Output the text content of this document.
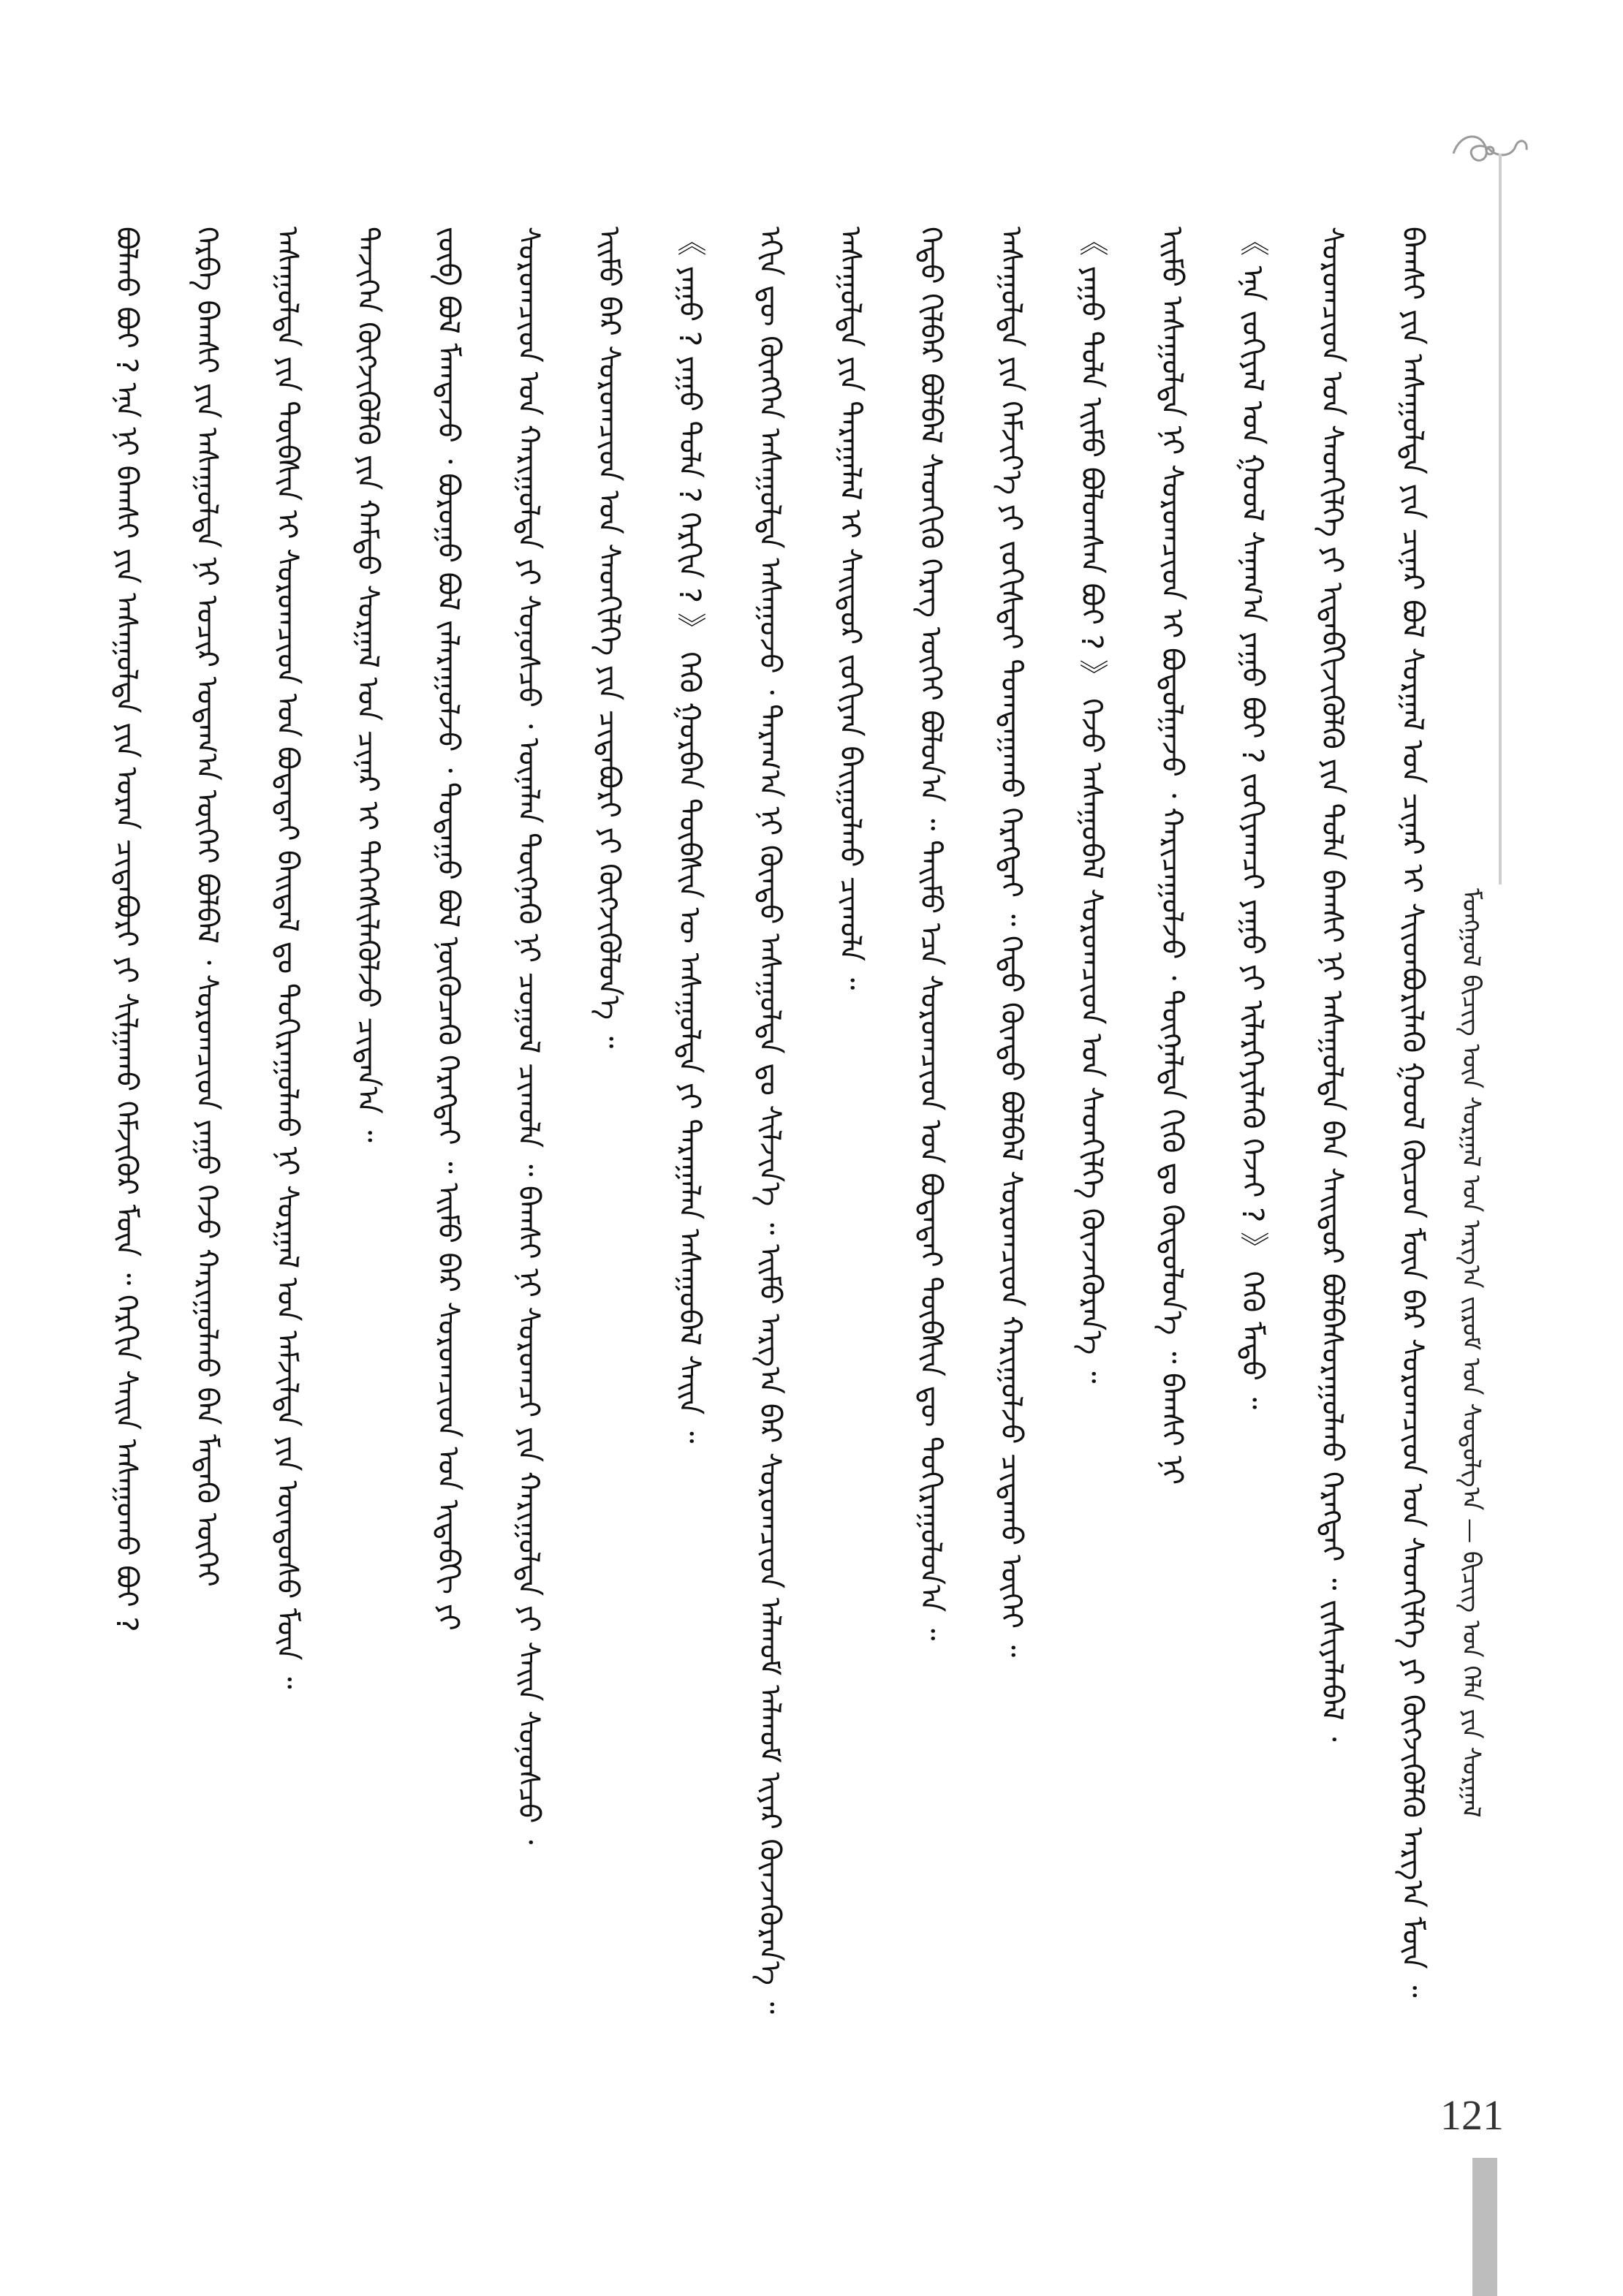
ᠮᠣᠩᠭᠣᠯ ᠪᠢᠴᠢᠭ᠌ ᠦᠨ ᠰᠤᠷᠭᠠᠯ ᠤᠨ ᠠᠷᠭ᠎ᠠ ᠵᠢᠷᠤᠮ ᠤᠨ ᠰᠤᠳᠤᠯᠭ᠎ᠠ — ᠪᠢᠴᠢᠭ᠌ ᠤᠨ ᠬᠡᠯᠡ ᠶᠢᠨ ᠰᠤᠷᠭᠠᠯ
ᠪᠠᠭᠰᠢ ᠶᠢᠨ ᠠᠰᠠᠭᠤᠯᠲᠠ ᠶᠢᠨ ᠴᠢᠨᠠᠷ ᠪᠣᠯ ᠰᠤᠷᠭᠠᠯ ᠤᠨ ᠴᠢᠨᠠᠷ ᠢ ᠰᠢᠢᠳᠪᠦᠷᠢᠯᠡᠬᠦ ᠭᠣᠣᠯ ᠬᠦᠴᠦᠨ ᠮᠥᠨ ᠪᠡᠷ ᠰᠤᠷᠤᠭᠴᠢᠳ ᠤᠨ ᠰᠡᠳᠬᠢᠯᠭᠡ ᠶᠢ ᠬᠥᠭᠵᠢᠭᠦᠯᠬᠦ ᠠᠷᠭ᠎ᠠ ᠮᠥᠨ ᠃
ᠰᠤᠷᠤᠭᠴᠢᠳ ᠤᠨ ᠰᠡᠳᠬᠢᠯᠭᠡ ᠶᠢ ᠢᠳᠡᠪᠬᠢᠵᠢᠭᠦᠯᠬᠦ ᠶᠢᠨ ᠲᠤᠯᠠ ᠪᠠᠭᠰᠢ ᠨᠢ ᠠᠰᠠᠭᠤᠯᠲᠠ ᠪᠠᠨ ᠰᠠᠢᠲᠤᠷ ᠪᠣᠯᠪᠠᠰᠤᠷᠠᠭᠤᠯᠬᠤ ᠬᠡᠷᠡᠭᠲᠡᠢ ᠃ ᠵᠢᠱᠢᠶᠡᠯᠡᠪᠡᠯ ᠂
《 ᠡᠨᠡ ᠵᠣᠬᠢᠶᠠᠯ ᠤᠨ ᠭᠣᠣᠯ ᠰᠠᠨᠠᠭ᠎ᠠ ᠶᠠᠭᠤ ᠪᠤᠢ ? ᠵᠣᠬᠢᠶᠠᠭᠴᠢ ᠶᠠᠭᠤ ᠶᠢ ᠢᠯᠡᠷᠬᠡᠶᠢᠯᠡᠬᠦ ᠭᠡᠵᠡᠢ ? 》 ᠭᠡᠬᠦ ᠮᠡᠲᠦ ᠃
ᠡᠢᠮᠦ ᠠᠰᠠᠭᠤᠯᠲᠠ ᠨᠢ ᠰᠤᠷᠤᠭᠴᠢᠳ ᠢ ᠪᠣᠳᠣᠯᠭᠠᠵᠤ ᠂ ᠬᠠᠷᠢᠴᠠᠭᠤᠯᠵᠤ ᠂ ᠳᠦᠭᠨᠡᠯᠲᠡ ᠬᠢᠬᠦ ᠳᠤ ᠬᠥᠲᠦᠯᠦᠨ᠎ᠡ ᠃ ᠪᠠᠭᠰᠢ ᠨᠢ
《 ᠶᠠᠭᠤ ᠲᠤᠯᠠ ᠡᠢᠮᠦ ᠪᠣᠯᠤᠭᠰᠠᠨ ᠪᠤᠢ ? 》 ᠭᠡᠵᠦ ᠠᠰᠠᠭᠤᠪᠠᠯ ᠰᠤᠷᠤᠭᠴᠢᠳ ᠤᠨ ᠰᠡᠳᠬᠢᠯᠭᠡ ᠭᠦᠨᠵᠡᠭᠦᠷᠡᠨ᠎ᠡ ᠃
ᠠᠰᠠᠭᠤᠯᠲᠠ ᠶᠢᠨ ᠬᠡᠮᠵᠢᠶ᠎ᠡ ᠶᠢ ᠵᠣᠬᠢᠰᠲᠠᠢ ᠲᠣᠭᠲᠠᠭᠠᠬᠤ ᠬᠡᠷᠡᠭᠲᠡᠢ ᠃ ᠬᠡᠲᠦ ᠬᠦᠨᠳᠦ ᠪᠣᠯᠪᠠᠯ ᠰᠤᠷᠤᠭᠴᠢᠳ ᠬᠠᠷᠢᠭᠤᠯᠵᠤ ᠴᠢᠳᠠᠬᠤ ᠦᠭᠡᠢ ᠃
ᠬᠡᠲᠦ ᠬᠢᠯᠪᠠᠷ ᠪᠣᠯᠪᠠᠯ ᠰᠡᠳᠬᠢᠬᠦ ᠬᠡᠷᠡᠭ ᠦᠭᠡᠢ ᠪᠣᠯᠣᠨ᠎ᠠ ᠃ ᠲᠡᠢᠮᠦ ᠡᠴᠡ ᠰᠤᠷᠤᠭᠴᠢᠳ ᠤᠨ ᠪᠣᠳᠠᠳᠠᠢ ᠲᠥᠪᠰᠢᠨ ᠳᠦ ᠲᠣᠬᠢᠷᠠᠭᠤᠯᠤᠨ᠎ᠠ ᠃
ᠠᠰᠠᠭᠤᠯᠲᠠ ᠶᠢᠨ ᠳᠠᠷᠠᠭᠠᠯᠠᠯ ᠢ ᠰᠠᠢᠲᠤᠷ ᠵᠣᠬᠢᠶᠠᠨ ᠪᠠᠢᠭᠤᠯᠬᠤ ᠴᠢᠬᠤᠯᠠ ᠃
ᠡᠬᠢᠨ ᠳᠦ ᠬᠥᠩᠭᠡᠨ ᠠᠰᠠᠭᠤᠯᠲᠠ ᠠᠰᠠᠭᠤᠵᠤ ᠂ ᠳᠠᠷᠠᠭ᠎ᠠ ᠨᠢ ᠬᠦᠨᠳᠦ ᠠᠰᠠᠭᠤᠯᠲᠠ ᠳᠤ ᠰᠢᠯᠵᠢᠨ᠎ᠡ ᠃ ᠡᠢᠮᠦ ᠠᠷᠭ᠎ᠠ ᠪᠠᠷ ᠰᠤᠷᠤᠭᠴᠢᠳ ᠠᠯᠬᠤᠮ ᠠᠯᠬᠤᠮ ᠢᠶᠠᠷ ᠭᠦᠨᠵᠡᠭᠦᠷᠡᠨ᠎ᠡ ᠃
《 ᠶᠠᠭᠤ ? ᠶᠠᠭᠤ ᠲᠤᠯᠠ ? ᠬᠡᠷᠬᠢᠨ ? 》 ᠭᠡᠬᠦ ᠭᠤᠷᠪᠠᠨ ᠲᠦᠪᠰᠢᠨ ᠦ ᠠᠰᠠᠭᠤᠯᠲᠠ ᠶᠢ ᠳᠠᠷᠠᠭᠠᠯᠠᠨ ᠠᠰᠠᠭᠤᠪᠠᠯ ᠰᠠᠢᠨ ᠃
ᠡᠢᠮᠦ ᠪᠠᠷ ᠰᠤᠷᠤᠭᠴᠢᠳ ᠤᠨ ᠰᠡᠳᠬᠢᠯᠭᠡ ᠶᠢᠨ ᠴᠢᠳᠠᠪᠤᠷᠢ ᠶᠢ ᠬᠥᠭᠵᠢᠭᠦᠯᠦᠨ᠎ᠡ ᠃
ᠰᠤᠷᠤᠭᠴᠢᠳ ᠤᠨ ᠬᠠᠷᠢᠭᠤᠯᠲᠠ ᠶᠢ ᠰᠣᠨᠣᠰᠴᠤ ᠂ ᠦᠨᠡᠯᠡᠨ ᠳᠦᠭᠨᠡᠬᠦ ᠨᠢ ᠴᠤᠭᠤᠯ ᠴᠢᠬᠤᠯᠠ ᠃ ᠪᠠᠭᠰᠢ ᠨᠢ ᠰᠤᠷᠤᠭᠴᠢ ᠶᠢᠨ ᠬᠠᠷᠢᠭᠤᠯᠲᠠ ᠶᠢ ᠰᠠᠢᠨ ᠰᠣᠨᠣᠰᠴᠤ ᠂
ᠵᠥᠪ ᠪᠣᠯ ᠮᠠᠭᠲᠠᠵᠤ ᠂ ᠪᠤᠷᠤᠭᠤ ᠪᠣᠯ ᠵᠠᠯᠠᠷᠠᠭᠤᠯᠵᠤ ᠂ ᠳᠤᠲᠠᠭᠤ ᠪᠣᠯ ᠨᠥᠭᠥᠴᠡᠬᠦ ᠬᠡᠷᠡᠭᠲᠡᠢ ᠃ ᠡᠢᠮᠦ ᠪᠠᠷ ᠰᠤᠷᠤᠭᠴᠢᠳ ᠤᠨ ᠢᠳᠡᠪᠬᠢ ᠶᠢ
ᠲᠡᠵᠢᠭᠡᠨ ᠬᠥᠭᠵᠢᠭᠦᠯᠬᠦ ᠶᠢᠨ ᠬᠠᠮᠲᠤ ᠰᠤᠷᠭᠠᠯ ᠤᠨ ᠴᠢᠨᠠᠷ ᠢ ᠳᠡᠭᠡᠭᠰᠢᠯᠡᠭᠦᠯᠵᠦ ᠴᠢᠳᠠᠨ᠎ᠠ ᠃
ᠠᠰᠠᠭᠤᠯᠲᠠ ᠶᠢᠨ ᠲᠦᠪᠰᠢᠨ ᠢ ᠰᠤᠷᠤᠭᠴᠢᠳ ᠤᠨ ᠪᠣᠳᠠᠳᠠᠢ ᠪᠠᠢᠳᠠᠯ ᠳᠤ ᠲᠣᠬᠢᠷᠠᠭᠤᠯᠬᠤ ᠨᠢ ᠰᠤᠷᠭᠠᠯ ᠤᠨ ᠠᠮᠵᠢᠯᠲᠠ ᠶᠢᠨ ᠦᠨᠳᠦᠰᠦ ᠮᠥᠨ ᠃
ᠬᠡᠷᠪᠡ ᠪᠠᠭᠰᠢ ᠶᠢᠨ ᠠᠰᠠᠭᠤᠯᠲᠠ ᠨᠢ ᠤᠴᠢᠷ ᠤᠲᠠᠭ᠎ᠠ ᠦᠭᠡᠢ ᠪᠣᠯᠪᠠᠯ ᠂ ᠰᠤᠷᠤᠭᠴᠢᠳ ᠶᠠᠭᠤ ᠭᠡᠵᠦ ᠬᠠᠷᠢᠭᠤᠯᠬᠤ ᠪᠠᠨ ᠮᠡᠳᠡᠬᠦ ᠦᠭᠡᠢ
ᠪᠣᠯᠬᠤ ᠪᠤᠢ ? ᠡᠨᠡ ᠨᠢ ᠪᠠᠭᠰᠢ ᠶᠢᠨ ᠠᠰᠠᠭᠤᠯᠲᠠ ᠶᠢᠨ ᠤᠷᠠᠨ ᠴᠢᠳᠠᠪᠤᠷᠢ ᠶᠢ ᠰᠢᠯᠭᠠᠬᠤ ᠬᠡᠮᠵᠢᠭᠦᠷ ᠮᠥᠨ ᠃ ᠬᠡᠷᠬᠢᠨ ᠰᠠᠢᠨ ᠠᠰᠠᠭᠤᠬᠤ ᠪᠤᠢ ?
121
